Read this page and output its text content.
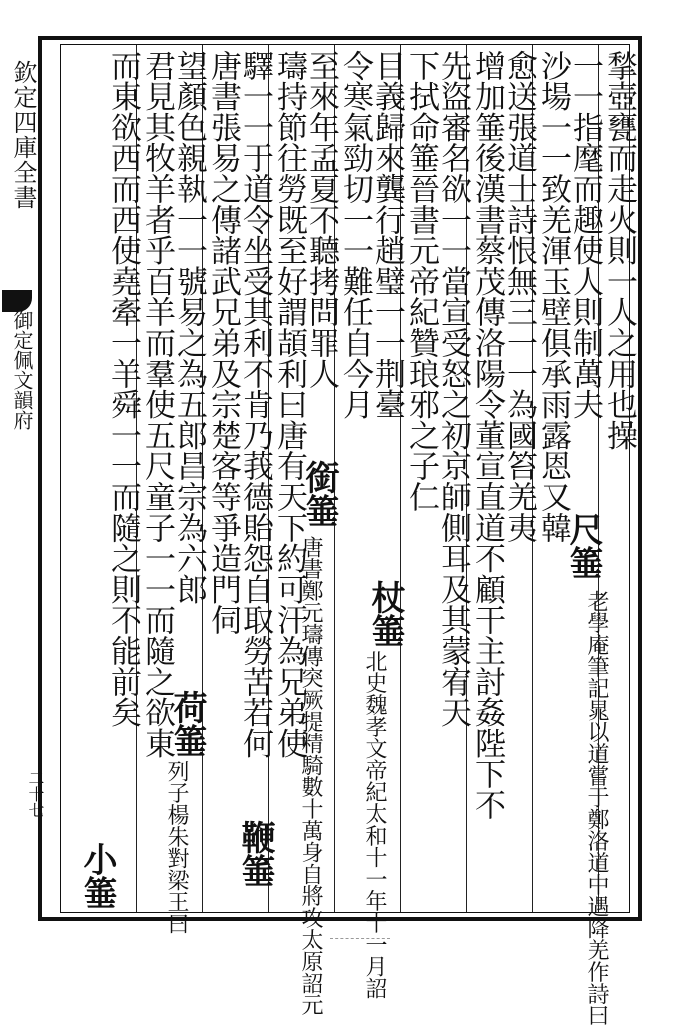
欽定四庫全書
御定佩文韻府
二十七
揫壺甕而走火則一人之用也操
一一指麾而趣使人則制萬夫
沙場一一致羌渾玉壁俱承雨露恩又韓
愈送張道士詩恨無三一一為國笞羌夷
增加箠後漢書蔡茂傳洛陽令董宣直道不顧干主討姦陛下不
先盜審名欲一一當宣受怒之初京師側耳及其蒙宥天
下拭命箠晉書元帝紀贊琅邪之子仁
目義歸來龔行趙璧一一荆臺
令寒氣勁切一一難任自今月
至來年孟夏不聽拷問罪人
璹持節往勞既至好謂頡利曰唐有天下約可汗為兄弟使
驛一一于道令坐受其利不肯乃莪德貽怨自取勞苦若何
唐書張易之傳諸武兄弟及宗楚客等爭造門伺
望顏色親執一一號易之為五郎昌宗為六郎
君見其牧羊者乎百羊而羣使五尺童子一一而隨之欲東
而東欲西而西使堯牽一羊舜一一而隨之則不能前矣	尺箠
老學庵筆記晁以道嘗于鄭洛道中遇降羌作詩曰
杖箠
北史魏孝文帝紀太和十一年十一月詔
銜箠
唐書鄭元璹傳突厥提精騎數十萬身自將攻太原詔元
荷箠
列子楊朱對梁王曰 鞭箠
小箠
